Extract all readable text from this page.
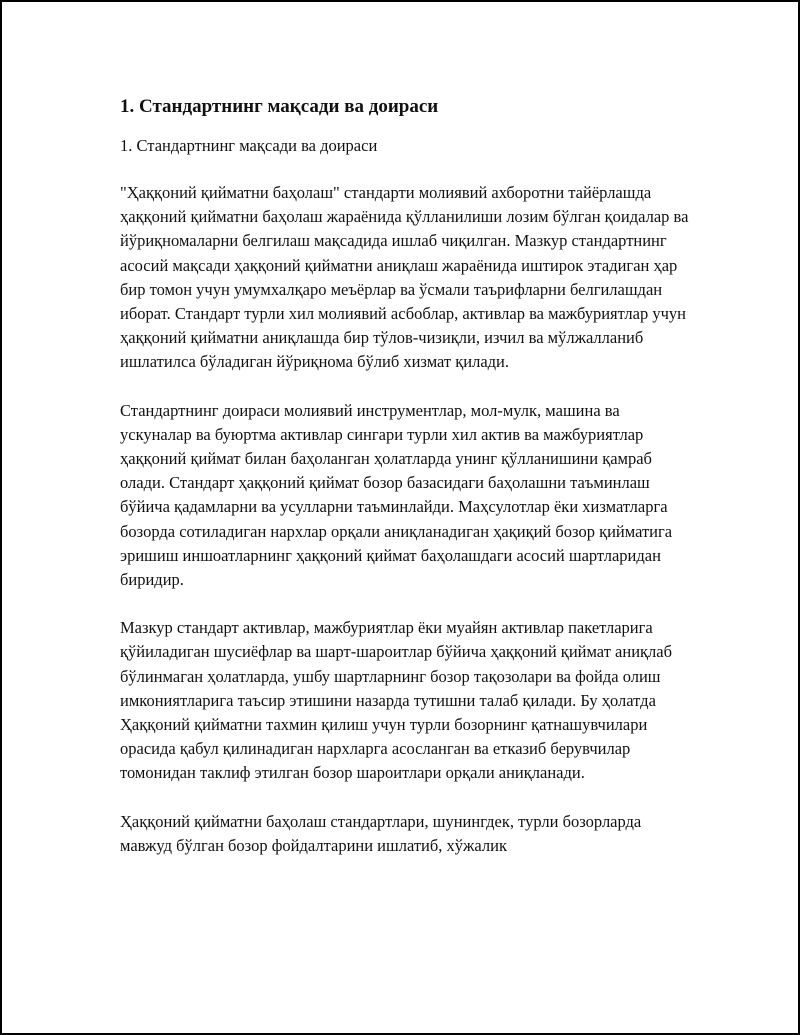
1. Стандартнинг мақсади ва доираси
1. Стандартнинг мақсади ва доираси

"Ҳаққоний қийматни баҳолаш" стандарти молиявий ахборотни тайёрлашда ҳаққоний қийматни баҳолаш жараёнида қўлланилиши лозим бўлган қоидалар ва йўриқномаларни белгилаш мақсадида ишлаб чиқилган. Мазкур стандартнинг асосий мақсади ҳаққоний қийматни аниқлаш жараёнида иштирок этадиган ҳар бир томон учун умумхалқаро меъёрлар ва ўсмали таърифларни белгилашдан иборат. Стандарт турли хил молиявий асбоблар, активлар ва мажбуриятлар учун ҳаққоний қийматни аниқлашда бир тўлов-чизиқли, изчил ва мўлжалланиб ишлатилса бўладиган йўриқнома бўлиб хизмат қилади.

Стандартнинг доираси молиявий инструментлар, мол-мулк, машина ва ускуналар ва буюртма активлар сингари турли хил актив ва мажбуриятлар ҳаққоний қиймат билан баҳоланган ҳолатларда унинг қўлланишини қамраб олади. Стандарт ҳаққоний қиймат бозор базасидаги баҳолашни таъминлаш бўйича қадамларни ва усулларни таъминлайди. Маҳсулотлар ёки хизматларга бозорда сотиладиган нархлар орқали аниқланадиган ҳақиқий бозор қийматига эришиш иншоатларнинг ҳаққоний қиймат баҳолашдаги асосий шартларидан биридир.

Мазкур стандарт активлар, мажбуриятлар ёки муайян активлар пакетларига қўйиладиган шусиёфлар ва шарт-шароитлар бўйича ҳаққоний қиймат аниқлаб бўлинмаган ҳолатларда, ушбу шартларнинг бозор тақозолари ва фойда олиш имкониятларига таъсир этишини назарда тутишни талаб қилади. Бу ҳолатда Ҳаққоний қийматни тахмин қилиш учун турли бозорнинг қатнашувчилари орасида қабул қилинадиган нархларга асосланган ва етказиб берувчилар томонидан таклиф этилган бозор шароитлари орқали аниқланади.

Ҳаққоний қийматни баҳолаш стандартлари, шунингдек, турли бозорларда мавжуд бўлган бозор фойдалтарини ишлатиб, хўжалик
